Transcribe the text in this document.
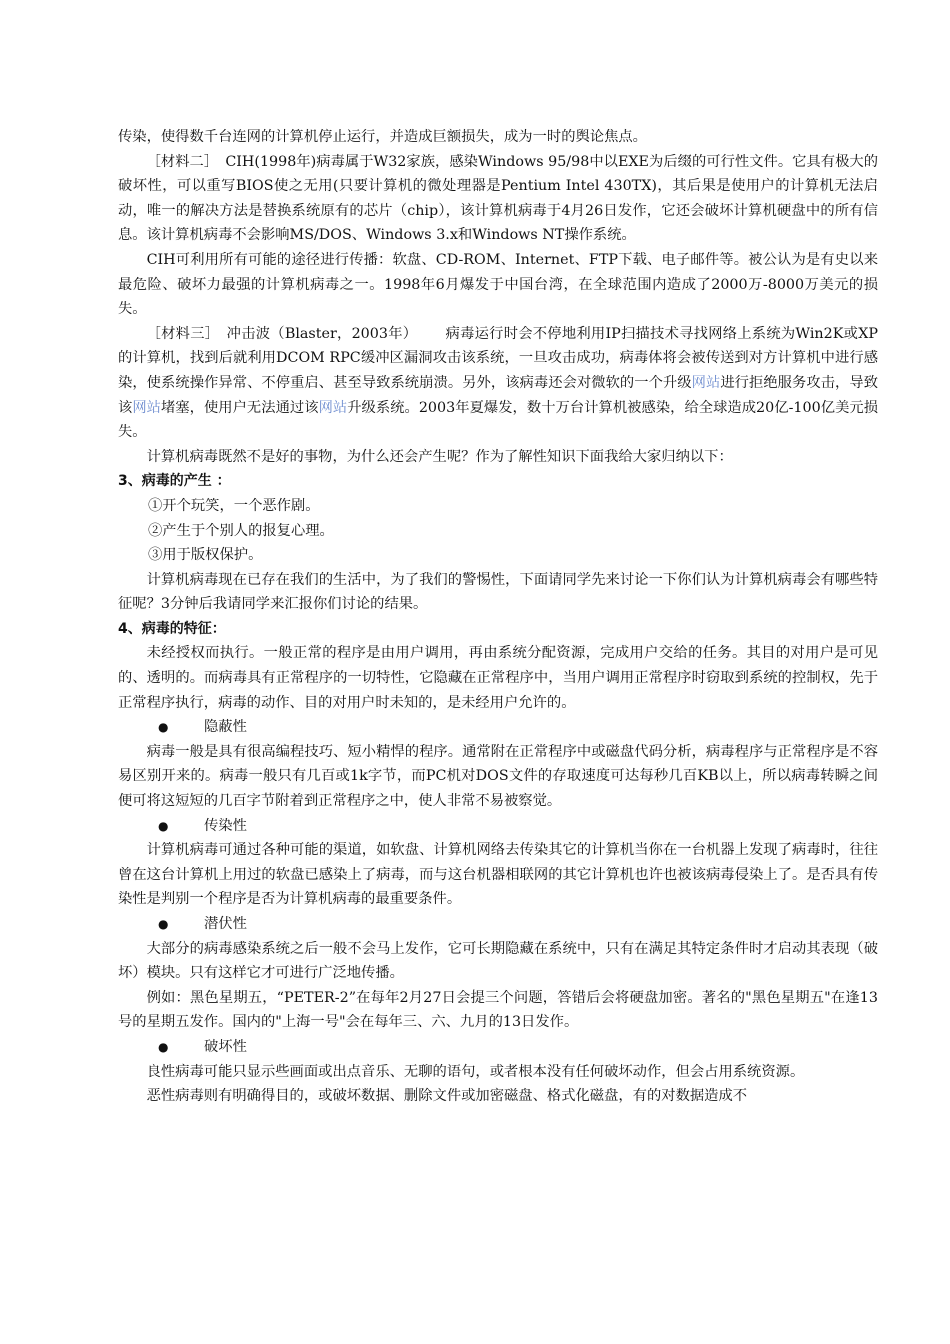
传染，使得数千台连网的计算机停止运行，并造成巨额损失，成为一时的舆论焦点。

［材料二］　CIH(1998年)病毒属于W32家族，感染Windows 95/98中以EXE为后缀的可行性文件。它具有极大的破坏性，可以重写BIOS使之无用(只要计算机的微处理器是Pentium Intel 430TX)，其后果是使用户的计算机无法启动，唯一的解决方法是替换系统原有的芯片（chip），该计算机病毒于4月26日发作，它还会破坏计算机硬盘中的所有信息。该计算机病毒不会影响MS/DOS、Windows 3.x和Windows NT操作系统。

CIH可利用所有可能的途径进行传播：软盘、CD-ROM、Internet、FTP下载、电子邮件等。被公认为是有史以来最危险、破坏力最强的计算机病毒之一。1998年6月爆发于中国台湾，在全球范围内造成了2000万-8000万美元的损失。

［材料三］　冲击波（Blaster，2003年） 病毒运行时会不停地利用IP扫描技术寻找网络上系统为Win2K或XP的计算机，找到后就利用DCOM RPC缓冲区漏洞攻击该系统，一旦攻击成功，病毒体将会被传送到对方计算机中进行感染，使系统操作异常、不停重启、甚至导致系统崩溃。另外，该病毒还会对微软的一个升级网站进行拒绝服务攻击，导致该网站堵塞，使用户无法通过该网站升级系统。2003年夏爆发，数十万台计算机被感染，给全球造成20亿-100亿美元损失。

计算机病毒既然不是好的事物，为什么还会产生呢？作为了解性知识下面我给大家归纳以下：

3、病毒的产生 ：

①开个玩笑，一个恶作剧。

②产生于个别人的报复心理。

③用于版权保护。

计算机病毒现在已存在我们的生活中，为了我们的警惕性，下面请同学先来讨论一下你们认为计算机病毒会有哪些特征呢？3分钟后我请同学来汇报你们讨论的结果。

4、病毒的特征：

未经授权而执行。一般正常的程序是由用户调用，再由系统分配资源，完成用户交给的任务。其目的对用户是可见的、透明的。而病毒具有正常程序的一切特性，它隐藏在正常程序中，当用户调用正常程序时窃取到系统的控制权，先于正常程序执行，病毒的动作、目的对用户时未知的，是未经用户允许的。

● 隐蔽性

病毒一般是具有很高编程技巧、短小精悍的程序。通常附在正常程序中或磁盘代码分析，病毒程序与正常程序是不容易区别开来的。病毒一般只有几百或1k字节，而PC机对DOS文件的存取速度可达每秒几百KB以上，所以病毒转瞬之间便可将这短短的几百字节附着到正常程序之中，使人非常不易被察觉。

● 传染性

计算机病毒可通过各种可能的渠道，如软盘、计算机网络去传染其它的计算机当你在一台机器上发现了病毒时，往往曾在这台计算机上用过的软盘已感染上了病毒，而与这台机器相联网的其它计算机也许也被该病毒侵染上了。是否具有传染性是判别一个程序是否为计算机病毒的最重要条件。

● 潜伏性

大部分的病毒感染系统之后一般不会马上发作，它可长期隐藏在系统中，只有在满足其特定条件时才启动其表现（破坏）模块。只有这样它才可进行广泛地传播。

例如：黑色星期五，“PETER-2”在每年2月27日会提三个问题，答错后会将硬盘加密。著名的"黑色星期五"在逢13号的星期五发作。国内的"上海一号"会在每年三、六、九月的13日发作。

● 破坏性

良性病毒可能只显示些画面或出点音乐、无聊的语句，或者根本没有任何破坏动作，但会占用系统资源。

恶性病毒则有明确得目的，或破坏数据、删除文件或加密磁盘、格式化磁盘，有的对数据造成不
